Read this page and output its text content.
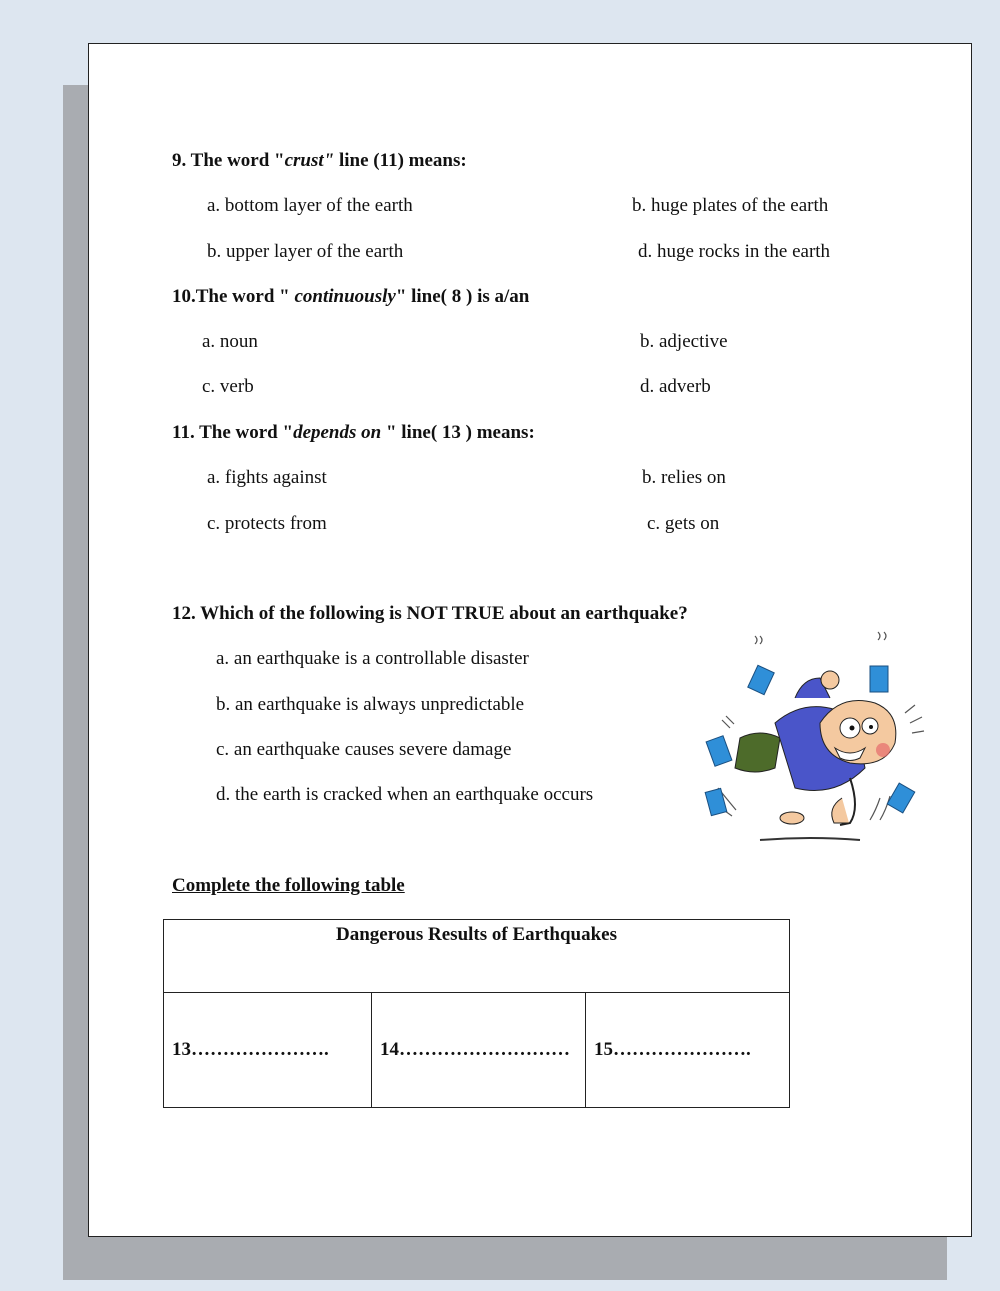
9. The word "crust" line (11) means:
a. bottom layer of the earth	b. huge plates of the earth
b. upper layer of the earth	d. huge rocks in the earth
10.The word " continuously" line( 8 ) is a/an
a. noun	b. adjective
c. verb	d. adverb
11. The word "depends on " line( 13 ) means:
a. fights against	b. relies on
c. protects from	c. gets on
12. Which of the following is NOT TRUE about an earthquake?
a. an earthquake is a controllable disaster
b. an earthquake is always unpredictable
c. an earthquake causes severe damage
d. the earth is cracked when an earthquake occurs
Complete the following table
Dangerous Results of Earthquakes
13………………….	14………………………	15………………….
